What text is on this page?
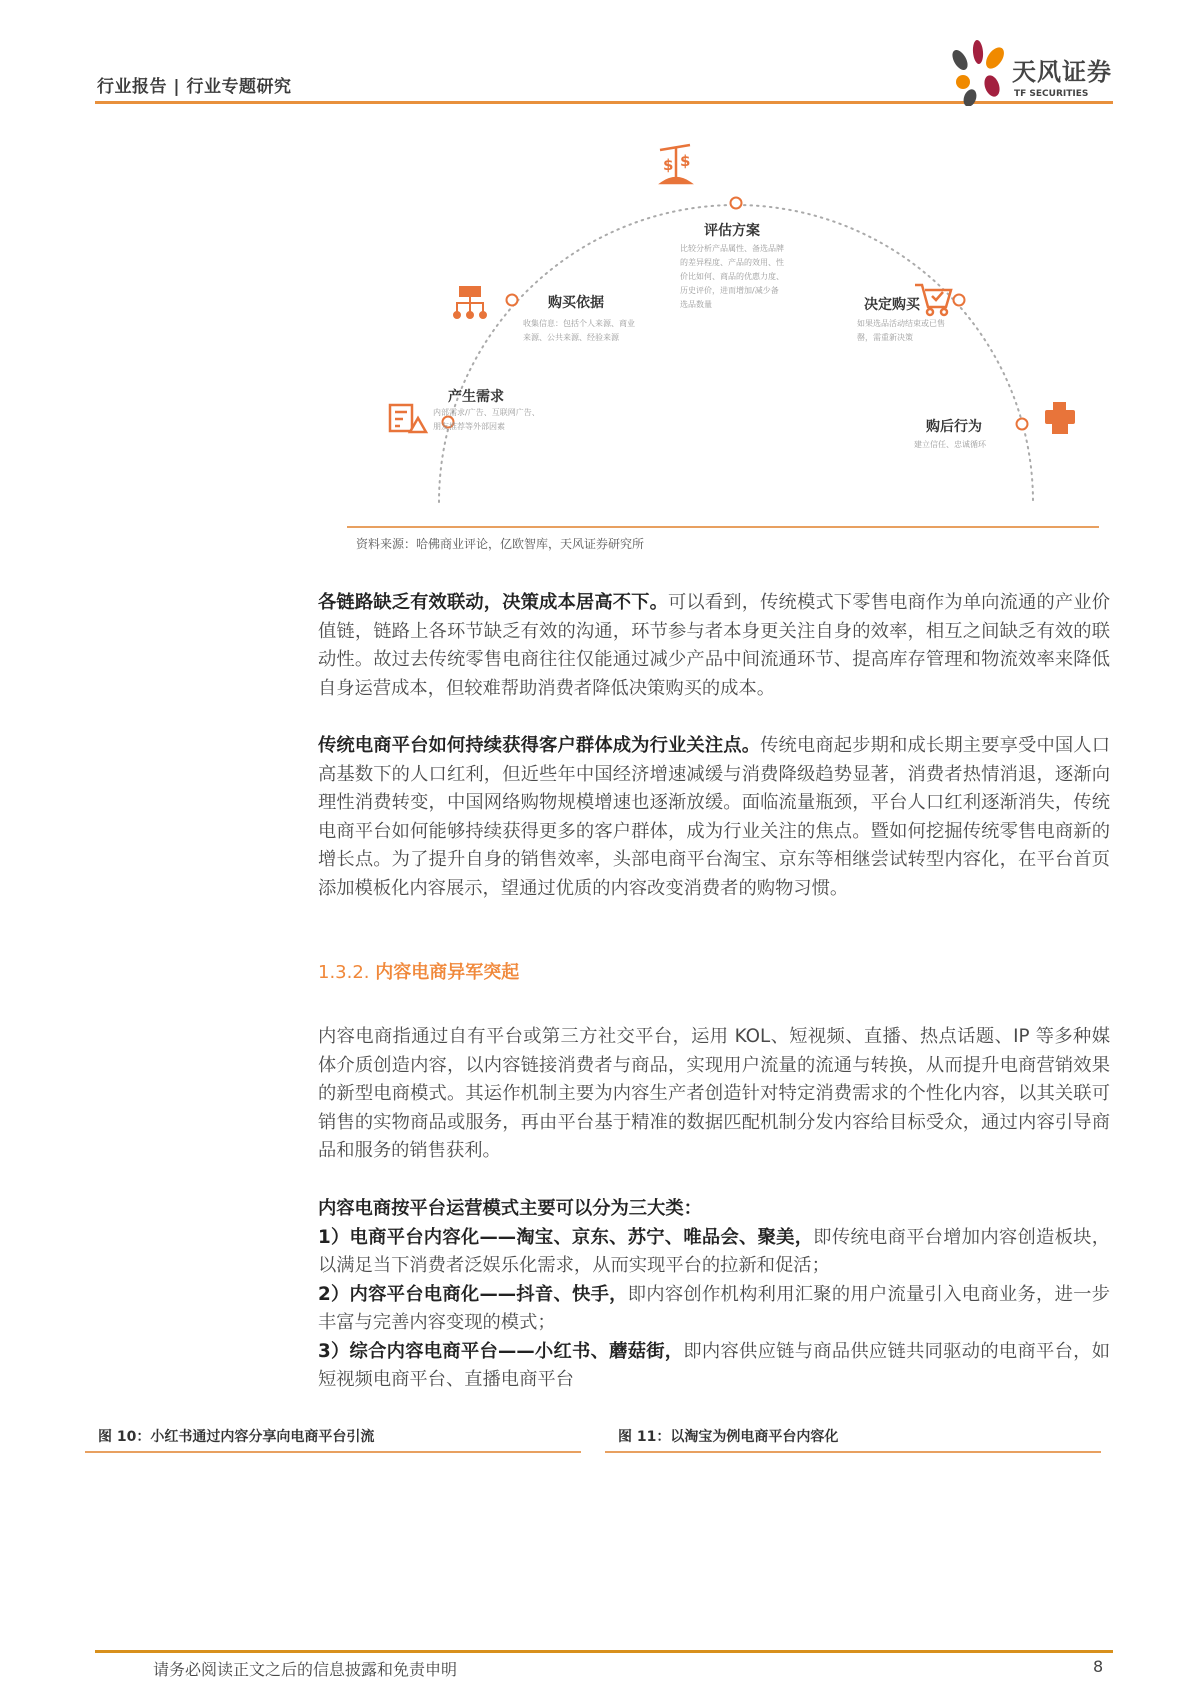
行业报告 | 行业专题研究
天风证券
TF SECURITIES
$ $
产生需求
内部需求/广告、互联网广告、朋友推荐等外部因素
购买依据
收集信息：包括个人来源、商业来源、公共来源、经验来源
评估方案
比较分析产品属性、备选品牌的差异程度、产品的效用、性价比如何、商品的优惠力度、历史评价，进而增加/减少备选品数量	决定购买
如果选品活动结束或已售罄，需重新决策
购后行为
建立信任、忠诚循环
资料来源：哈佛商业评论，亿欧智库，天风证券研究所
各链路缺乏有效联动，决策成本居高不下。可以看到，传统模式下零售电商作为单向流通的产业价值链，链路上各环节缺乏有效的沟通，环节参与者本身更关注自身的效率，相互之间缺乏有效的联动性。故过去传统零售电商往往仅能通过减少产品中间流通环节、提高库存管理和物流效率来降低自身运营成本，但较难帮助消费者降低决策购买的成本。
传统电商平台如何持续获得客户群体成为行业关注点。传统电商起步期和成长期主要享受中国人口高基数下的人口红利，但近些年中国经济增速减缓与消费降级趋势显著，消费者热情消退，逐渐向理性消费转变，中国网络购物规模增速也逐渐放缓。面临流量瓶颈，平台人口红利逐渐消失，传统电商平台如何能够持续获得更多的客户群体，成为行业关注的焦点。暨如何挖掘传统零售电商新的增长点。为了提升自身的销售效率，头部电商平台淘宝、京东等相继尝试转型内容化，在平台首页添加模板化内容展示，望通过优质的内容改变消费者的购物习惯。
1.3.2. 内容电商异军突起
内容电商指通过自有平台或第三方社交平台，运用 KOL、短视频、直播、热点话题、IP 等多种媒体介质创造内容，以内容链接消费者与商品，实现用户流量的流通与转换，从而提升电商营销效果的新型电商模式。其运作机制主要为内容生产者创造针对特定消费需求的个性化内容，以其关联可销售的实物商品或服务，再由平台基于精准的数据匹配机制分发内容给目标受众，通过内容引导商品和服务的销售获利。
内容电商按平台运营模式主要可以分为三大类：
1）电商平台内容化——淘宝、京东、苏宁、唯品会、聚美，即传统电商平台增加内容创造板块，以满足当下消费者泛娱乐化需求，从而实现平台的拉新和促活；
2）内容平台电商化——抖音、快手，即内容创作机构利用汇聚的用户流量引入电商业务，进一步丰富与完善内容变现的模式；
3）综合内容电商平台——小红书、蘑菇街，即内容供应链与商品供应链共同驱动的电商平台，如短视频电商平台、直播电商平台
图 10：小红书通过内容分享向电商平台引流	图 11：以淘宝为例电商平台内容化
请务必阅读正文之后的信息披露和免责申明	8
